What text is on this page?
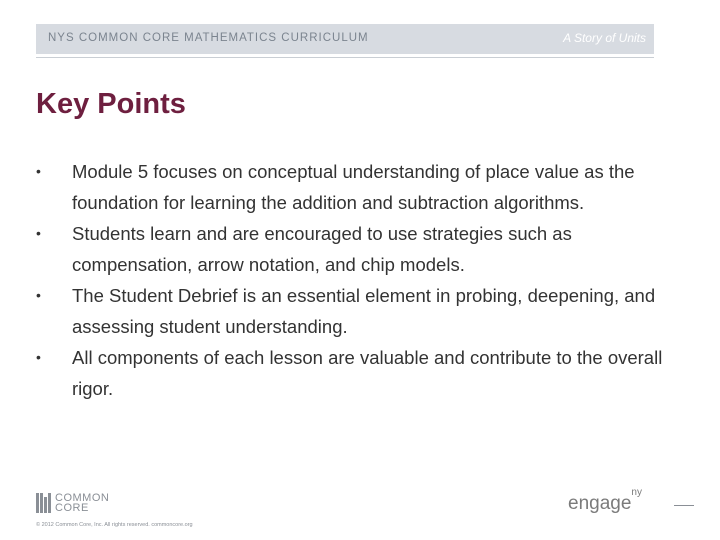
NYS COMMON CORE MATHEMATICS CURRICULUM	A Story of Units
Key Points
• Module 5 focuses on conceptual understanding of place value as the foundation for learning the addition and subtraction algorithms.
• Students learn and are encouraged to use strategies such as compensation, arrow notation, and chip models.
• The Student Debrief is an essential element in probing, deepening, and assessing student understanding.
• All components of each lesson are valuable and contribute to the overall rigor.
COMMON
CORE
© 2012 Common Core, Inc. All rights reserved. commoncore.org
engage$^{ny}$
